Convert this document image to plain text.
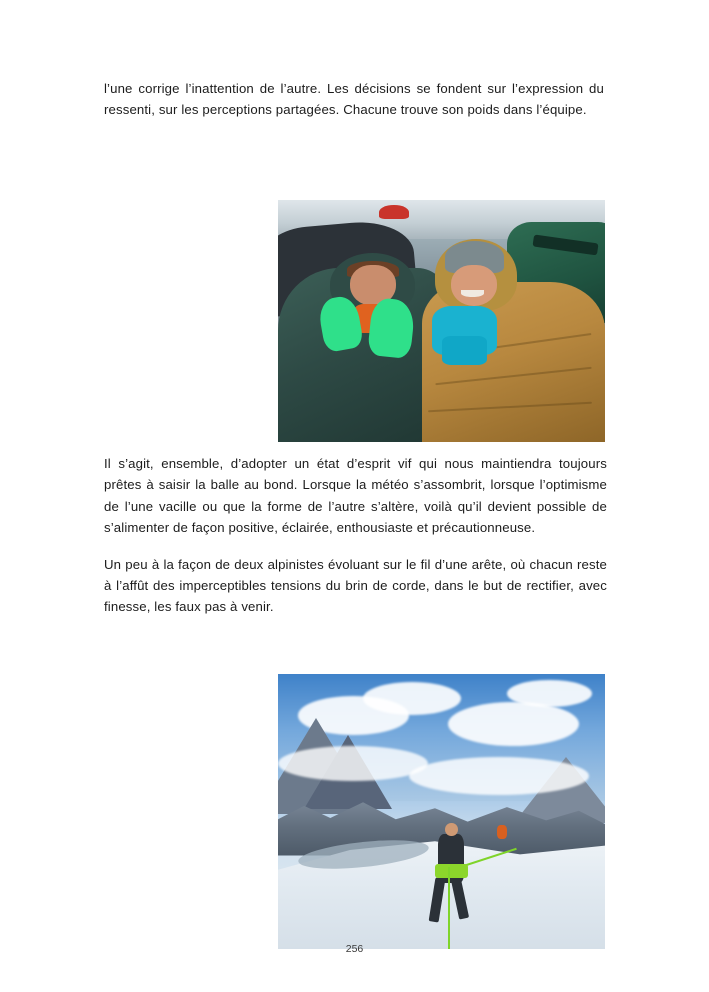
l’une corrige l’inattention de l’autre. Les décisions se fondent sur l’expression du ressenti, sur les perceptions partagées. Chacune trouve son poids dans l’équipe.

Il s’agit, ensemble, d’adopter un état d’esprit vif qui nous maintiendra toujours prêtes à saisir la balle au bond. Lorsque la météo s’assombrit, lorsque l’optimisme de l’une vacille ou que la forme de l’autre s’altère, voilà qu’il devient possible de s’alimenter de façon positive, éclairée, enthousiaste et précautionneuse.

Un peu à la façon de deux alpinistes évoluant sur le fil d’une arête, où chacun reste à l’affût des imperceptibles tensions du brin de corde, dans le but de rectifier, avec finesse, les faux pas à venir.

256
